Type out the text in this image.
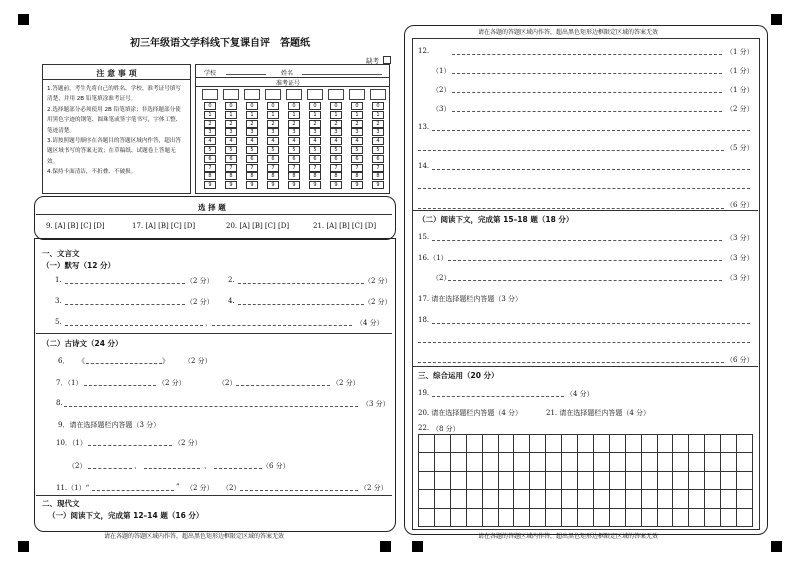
初三年级语文学科线下复课自评　答题纸
缺考
注 意 事 项
1.答题前，考生先将自己的姓名、学校、准考证号填写清楚，并用 2B 铅笔填涂准考证号。
2.选择题部分必须使用 2B 铅笔填涂；非选择题部分使用黑色字迹的钢笔、圆珠笔或签字笔书写，字体工整、笔迹清楚。
3.请按照题号顺序在各题目的答题区域内作答，超出答题区域书写的答案无效；在草稿纸、试题卷上答题无效。
4.保持卡面清洁，不折叠、不破损。
学校	姓名
准考证号
0
1
2
3
4
5
6
7
8
9
0
1
2
3
4
5
6
7
8
9
0
1
2
3
4
5
6
7
8
9
0
1
2
3
4
5
6
7
8
9
0
1
2
3
4
5
6
7
8
9
0
1
2
3
4
5
6
7
8
9
0
1
2
3
4
5
6
7
8
9
0
1
2
3
4
5
6
7
8
9
0
1
2
3
4
5
6
7
8
9
选 择 题
9. [A] [B] [C] [D]	17. [A] [B] [C] [D]	20. [A] [B] [C] [D]	21. [A] [B] [C] [D]
一、文言文
（一）默写（12 分）
1.	（2 分） 2.	（2 分）
3.	（2 分） 4.	（2 分）
5.	，	（4 分）
（二）古诗文（24 分）
6． 《	》 （2 分）
7．（1）	（2 分）	（2）	（2 分）
8.	（3 分）
9．请在选择题栏内答题（3 分）
10．（1）	（2 分）
（2）	、	、	（6 分）
11.（1）“	” （2 分） （2）	（2 分）
二、现代文
（一）阅读下文，完成第 12–14 题（16 分）
请在各题的答题区域内作答，超出黑色矩形边框限定区域的答案无效
请在各题的答题区域内作答，超出黑色矩形边框限定区域的答案无效
12.	（1 分）
（1）	（1 分）
（2）	（1 分）
（3）	（2 分）
13.
（5 分）
14.
（6 分）
（二）阅读下文，完成第 15–18 题（18 分）
15.	（3 分）
16.（1）	（3 分）
（2）	（3 分）
17. 请在选择题栏内答题（3 分）
18.
（6 分）
三、综合运用（20 分）
19.	（4 分）
20. 请在选择题栏内答题（4 分）	21. 请在选择题栏内答题（4 分）
22. （8 分）
请在各题的答题区域内作答，超出黑色矩形边框限定区域的答案无效
